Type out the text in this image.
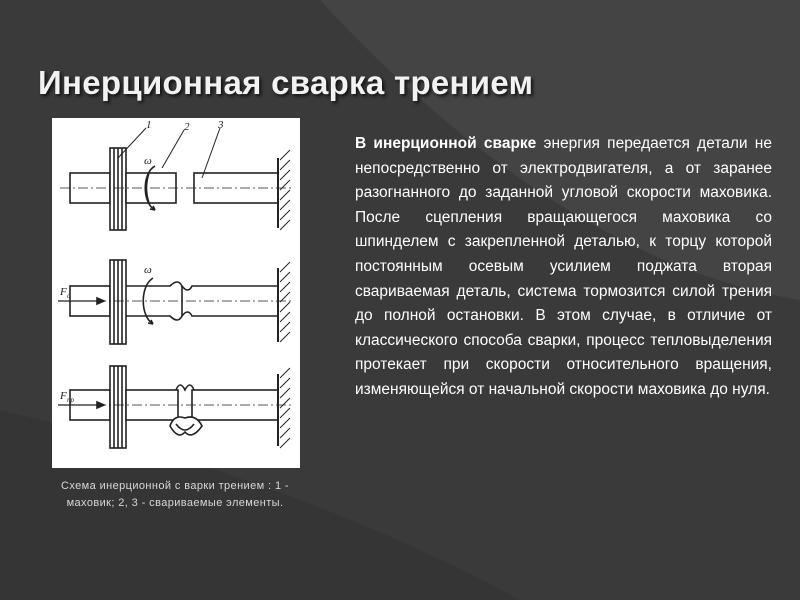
Инерционная сварка трением
1	2	3
ω
ω
F o
F пр
Схема инерционной с варки трением : 1 - маховик; 2, 3 - свариваемые элементы.

В инерционной сварке энергия передается детали не непосредственно от электродвигателя, а от заранее разогнанного до заданной угловой скорости маховика. После сцепления вращающегося маховика со шпинделем с закрепленной деталью, к торцу которой постоянным осевым усилием поджата вторая свариваемая деталь, система тормозится силой трения до полной остановки. В этом случае, в отличие от классического способа сварки, процесс тепловыделения протекает при скорости относительного вращения, изменяющейся от начальной скорости маховика до нуля.
